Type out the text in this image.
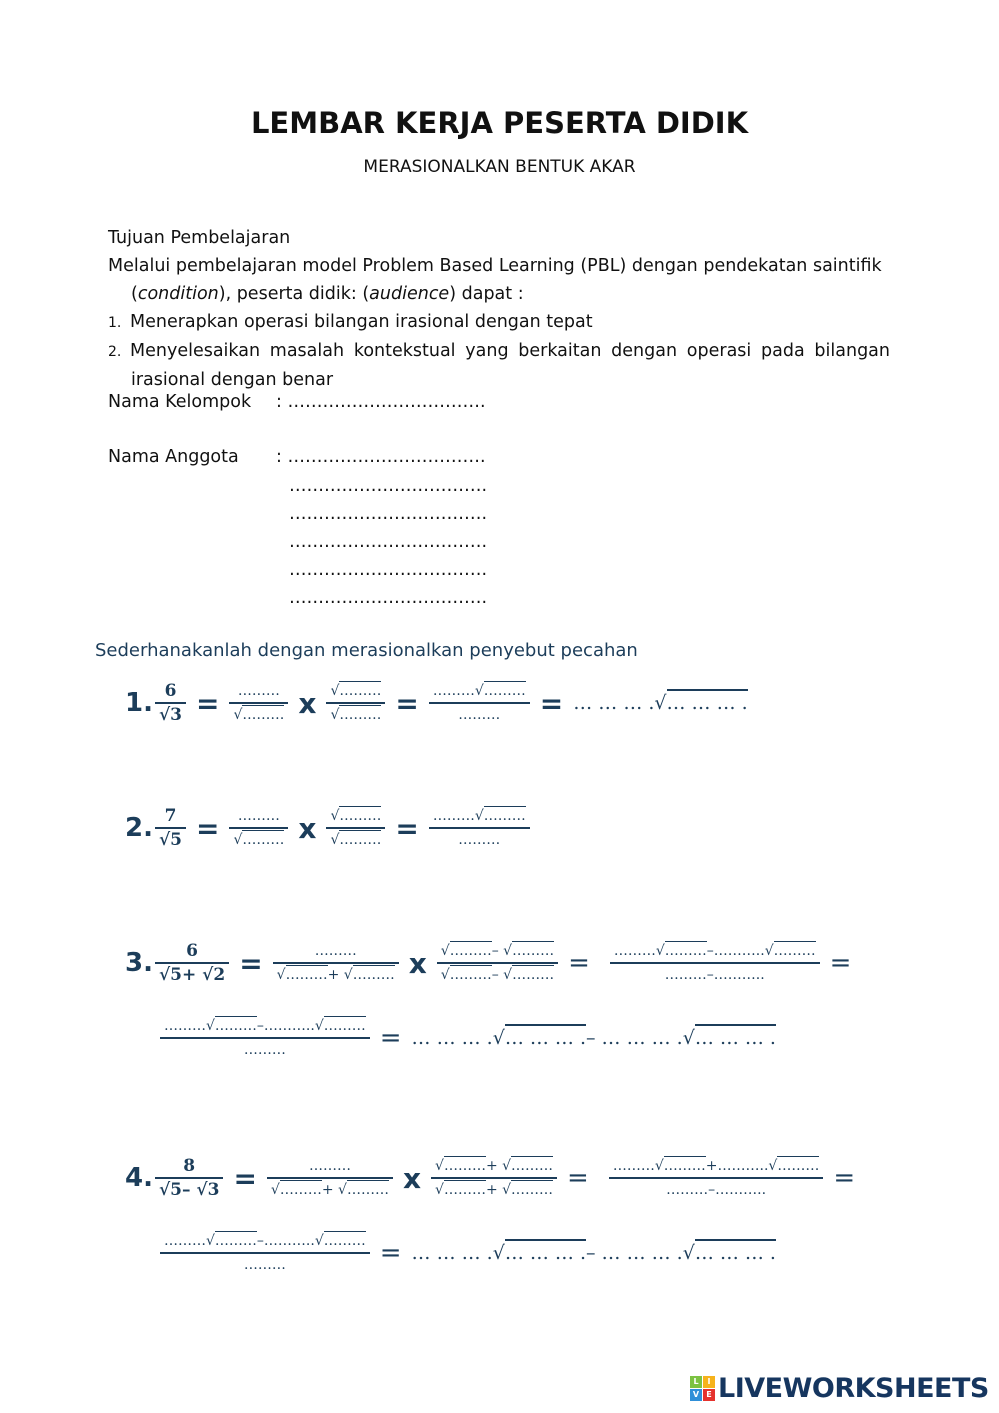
LEMBAR KERJA PESERTA DIDIK
MERASIONALKAN BENTUK AKAR
Tujuan Pembelajaran
Melalui pembelajaran model Problem Based Learning (PBL) dengan pendekatan saintifik
(condition), peserta didik: (audience) dapat :
1. Menerapkan operasi bilangan irasional dengan tepat
2. Menyelesaikan masalah kontekstual yang berkaitan dengan operasi pada bilangan
irasional dengan benar
Nama Kelompok : …………………………….
Nama Anggota : …………………………….
…………………………….
…………………………….
…………………………….
…………………………….
…………………………….
Sederhanakanlah dengan merasionalkan penyebut pecahan
1. $\frac{6}{√3} = \frac{\dots\dots\dots}{√\dots\dots\dots}$ x $\frac{√\dots\dots\dots}{√\dots\dots\dots} = \frac{\dots\dots\dots√\dots\dots\dots}{\dots\dots\dots}$ = … … … .√… … … .
2. $\frac{7}{√5} = \frac{\dots\dots\dots}{√\dots\dots\dots}$ x $\frac{√\dots\dots\dots}{√\dots\dots\dots} = \frac{\dots\dots\dots√\dots\dots\dots}{\dots\dots\dots}$
3. $\frac{6}{√5+ √2} = \frac{\dots\dots\dots}{√\dots\dots\dots+ √\dots\dots\dots}$ x $\frac{√\dots\dots\dots- √\dots\dots\dots}{√\dots\dots\dots- √\dots\dots\dots} = \frac{\dots\dots\dots√\dots\dots\dots-\dots\dots\dots..√\dots\dots\dots}{\dots\dots\dots-\dots\dots\dots..}$ =
$\frac{\dots\dots\dots√\dots\dots\dots-\dots\dots\dots..√\dots\dots\dots}{\dots\dots\dots}$ = … … … .√… … … .– … … … .√… … … .
4. $\frac{8}{√5- √3} = \frac{\dots\dots\dots}{√\dots\dots\dots+ √\dots\dots\dots}$ x $\frac{√\dots\dots\dots+ √\dots\dots\dots}{√\dots\dots\dots+ √\dots\dots\dots} = \frac{\dots\dots\dots√\dots\dots\dots+\dots\dots\dots..√\dots\dots\dots}{\dots\dots\dots-\dots\dots\dots..}$ =
$\frac{\dots\dots\dots√\dots\dots\dots-\dots\dots\dots..√\dots\dots\dots}{\dots\dots\dots}$ = … … … .√… … … .– … … … .√… … … .
L	I
V E LIVEWORKSHEETS
